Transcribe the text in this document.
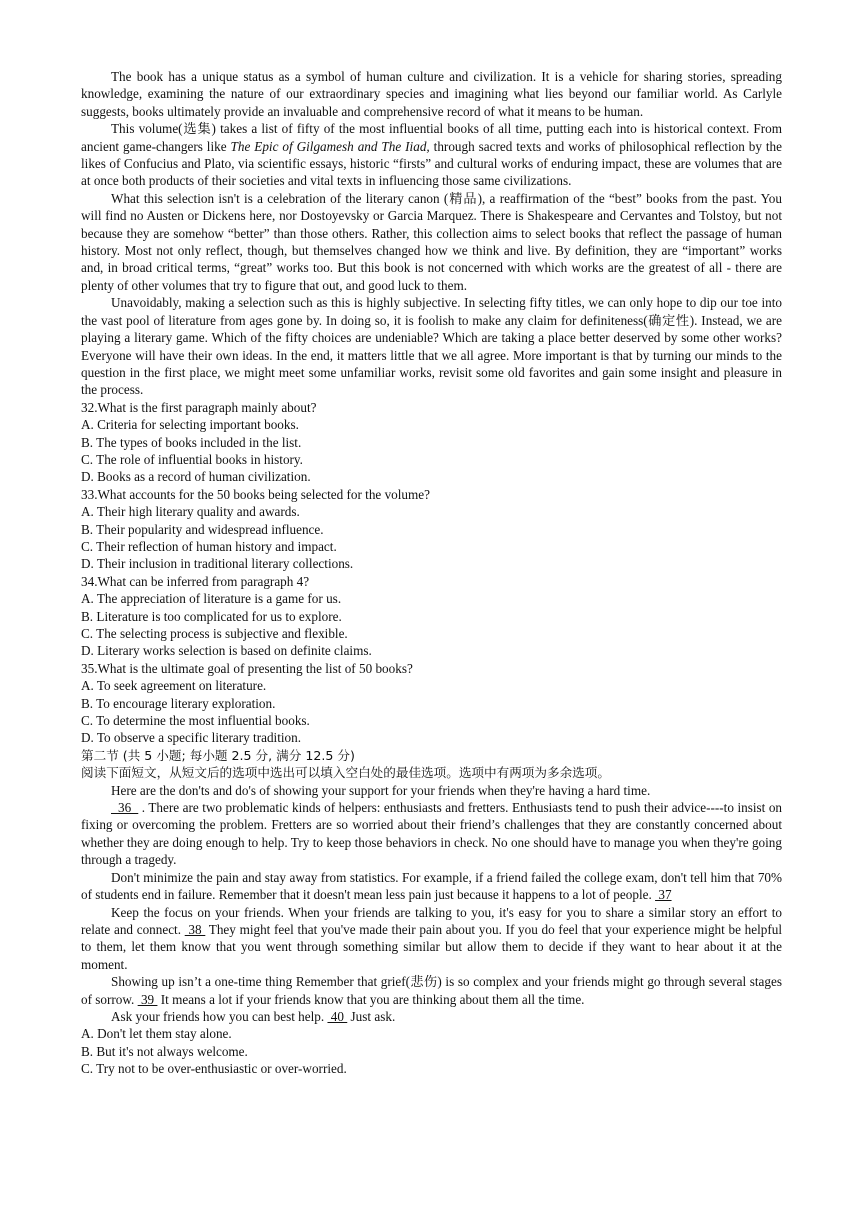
The book has a unique status as a symbol of human culture and civilization. It is a vehicle for sharing stories, spreading knowledge, examining the nature of our extraordinary species and imagining what lies beyond our familiar world. As Carlyle suggests, books ultimately provide an invaluable and comprehensive record of what it means to be human.

This volume(选集) takes a list of fifty of the most influential books of all time, putting each into is historical context. From ancient game-changers like The Epic of Gilgamesh and The Iiad, through sacred texts and works of philosophical reflection by the likes of Confucius and Plato, via scientific essays, historic “firsts” and cultural works of enduring impact, these are volumes that are at once both products of their societies and vital texts in influencing those same civilizations.

What this selection isn't is a celebration of the literary canon (精品), a reaffirmation of the “best” books from the past. You will find no Austen or Dickens here, nor Dostoyevsky or Garcia Marquez. There is Shakespeare and Cervantes and Tolstoy, but not because they are somehow “better” than those others. Rather, this collection aims to select books that reflect the passage of human history. Most not only reflect, though, but themselves changed how we think and live. By definition, they are “important” works and, in broad critical terms, “great” works too. But this book is not concerned with which works are the greatest of all - there are plenty of other volumes that try to figure that out, and good luck to them.

Unavoidably, making a selection such as this is highly subjective. In selecting fifty titles, we can only hope to dip our toe into the vast pool of literature from ages gone by. In doing so, it is foolish to make any claim for definiteness(确定性). Instead, we are playing a literary game. Which of the fifty choices are undeniable? Which are taking a place better deserved by some other works? Everyone will have their own ideas. In the end, it matters little that we all agree. More important is that by turning our minds to the question in the first place, we might meet some unfamiliar works, revisit some old favorites and gain some insight and pleasure in the process.

32.What is the first paragraph mainly about?

A. Criteria for selecting important books.

B. The types of books included in the list.

C. The role of influential books in history.

D. Books as a record of human civilization.

33.What accounts for the 50 books being selected for the volume?

A. Their high literary quality and awards.

B. Their popularity and widespread influence.

C. Their reflection of human history and impact.

D. Their inclusion in traditional literary collections.

34.What can be inferred from paragraph 4?

A. The appreciation of literature is a game for us.

B. Literature is too complicated for us to explore.

C. The selecting process is subjective and flexible.

D. Literary works selection is based on definite claims.

35.What is the ultimate goal of presenting the list of 50 books?

A. To seek agreement on literature.

B. To encourage literary exploration.

C. To determine the most influential books.

D. To observe a specific literary tradition.

第二节 (共 5 小题; 每小题 2.5 分, 满分 12.5 分)

阅读下面短文，从短文后的选项中选出可以填入空白处的最佳选项。选项中有两项为多余选项。

Here are the don'ts and do's of showing your support for your friends when they're having a hard time.

36   . There are two problematic kinds of helpers: enthusiasts and fretters. Enthusiasts tend to push their advice----to insist on fixing or overcoming the problem. Fretters are so worried about their friend’s challenges that they are constantly concerned about whether they are doing enough to help. Try to keep those behaviors in check. No one should have to manage you when they're going through a tragedy.

Don't minimize the pain and stay away from statistics. For example, if a friend failed the college exam, don't tell him that 70% of students end in failure. Remember that it doesn't mean less pain just because it happens to a lot of people.  37

Keep the focus on your friends. When your friends are talking to you, it's easy for you to share a similar story an effort to relate and connect.  38  They might feel that you've made their pain about you. If you do feel that your experience might be helpful to them, let them know that you went through something similar but allow them to decide if they want to hear about it at the moment.

Showing up isn’t a one-time thing Remember that grief(悲伤) is so complex and your friends might go through several stages of sorrow.  39  It means a lot if your friends know that you are thinking about them all the time.

Ask your friends how you can best help.  40  Just ask.

A. Don't let them stay alone.

B. But it's not always welcome.

C. Try not to be over-enthusiastic or over-worried.
